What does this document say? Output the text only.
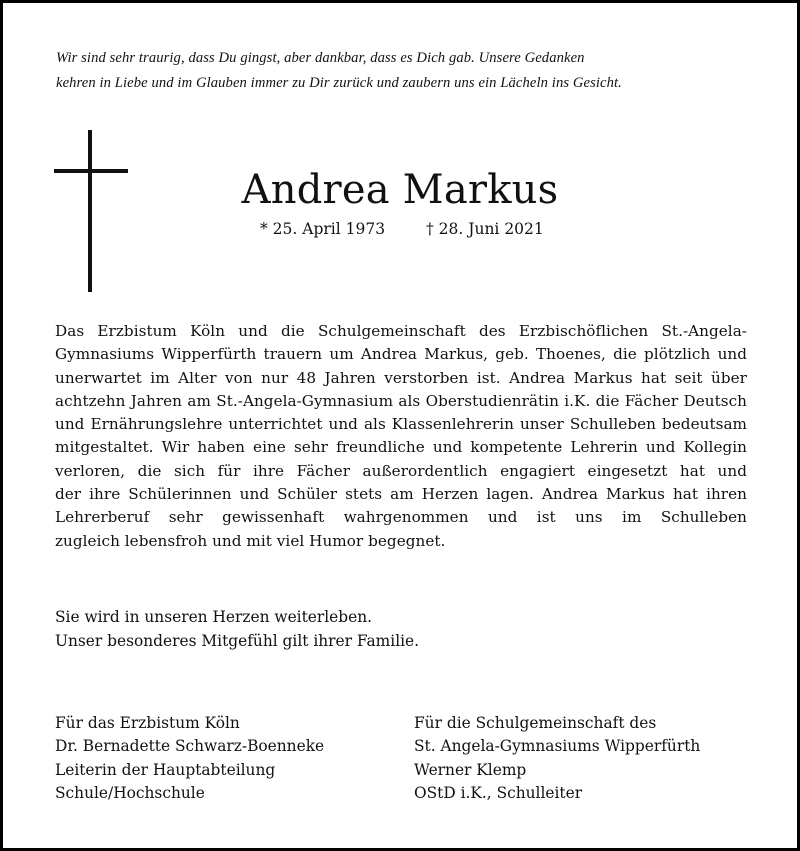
Wir sind sehr traurig, dass Du gingst, aber dankbar, dass es Dich gab. Unsere Gedanken
kehren in Liebe und im Glauben immer zu Dir zurück und zaubern uns ein Lächeln ins Gesicht.
Andrea Markus
* 25. April 1973	† 28. Juni 2021
Das Erzbistum Köln und die Schulgemeinschaft des Erzbischöflichen St.-Angela-
Gymnasiums Wipperfürth trauern um Andrea Markus, geb. Thoenes, die plötzlich und
unerwartet im Alter von nur 48 Jahren verstorben ist. Andrea Markus hat seit über
achtzehn Jahren am St.-Angela-Gymnasium als Oberstudienrätin i.K. die Fächer Deutsch
und Ernährungslehre unterrichtet und als Klassenlehrerin unser Schulleben bedeutsam
mitgestaltet. Wir haben eine sehr freundliche und kompetente Lehrerin und Kollegin
verloren, die sich für ihre Fächer außerordentlich engagiert eingesetzt hat und
der ihre Schülerinnen und Schüler stets am Herzen lagen. Andrea Markus hat ihren
Lehrerberuf sehr gewissenhaft wahrgenommen und ist uns im Schulleben
zugleich lebensfroh und mit viel Humor begegnet.
Sie wird in unseren Herzen weiterleben.
Unser besonderes Mitgefühl gilt ihrer Familie.
Für das Erzbistum Köln
Dr. Bernadette Schwarz-Boenneke
Leiterin der Hauptabteilung
Schule/Hochschule
Für die Schulgemeinschaft des
St. Angela-Gymnasiums Wipperfürth
Werner Klemp
OStD i.K., Schulleiter
